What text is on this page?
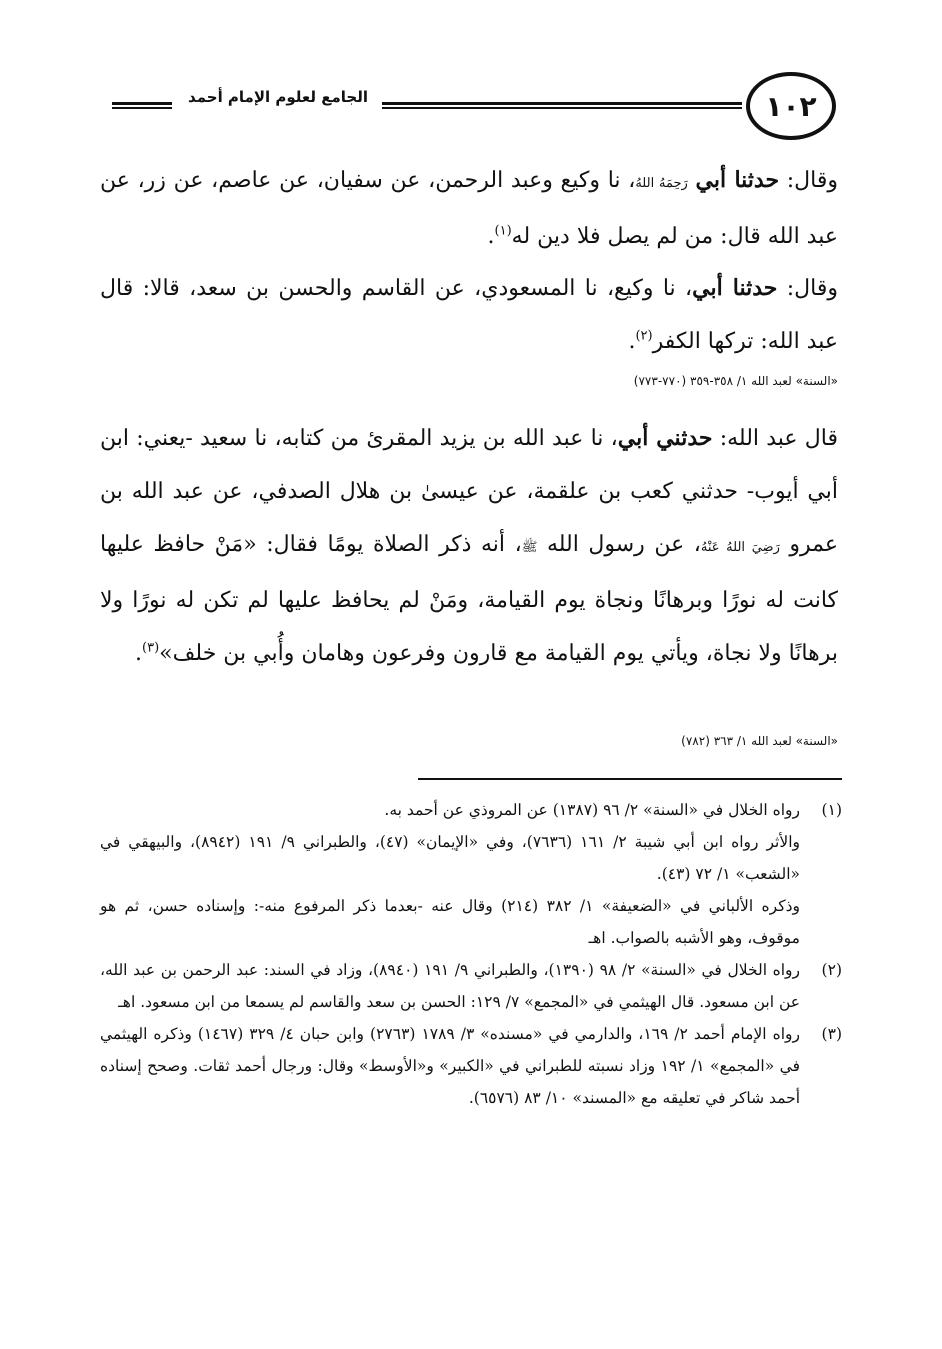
١٠٢
الجامع لعلوم الإمام أحمد
وقال: حدثنا أبي رَحِمَهُ اللهُ، نا وكيع وعبد الرحمن، عن سفيان، عن عاصم، عن زر، عن عبد الله قال: من لم يصل فلا دين له$^{(١)}$.
وقال: حدثنا أبي، نا وكيع، نا المسعودي، عن القاسم والحسن بن سعد، قالا: قال عبد الله: تركها الكفر$^{(٢)}$.
«السنة» لعبد الله ١/ ٣٥٨-٣٥٩ (٧٧٠-٧٧٣)
قال عبد الله: حدثني أبي، نا عبد الله بن يزيد المقرئ من كتابه، نا سعيد -يعني: ابن أبي أيوب- حدثني كعب بن علقمة، عن عيسىٰ بن هلال الصدفي، عن عبد الله بن عمرو رَضِيَ اللهُ عَنْهُ، عن رسول الله ﷺ، أنه ذكر الصلاة يومًا فقال: «مَنْ حافظ عليها كانت له نورًا وبرهانًا ونجاة يوم القيامة، ومَنْ لم يحافظ عليها لم تكن له نورًا ولا برهانًا ولا نجاة، ويأتي يوم القيامة مع قارون وفرعون وهامان وأُبي بن خلف»$^{(٣)}$.
«السنة» لعبد الله ١/ ٣٦٣ (٧٨٢)
(١)
رواه الخلال في «السنة» ٢/ ٩٦ (١٣٨٧) عن المروذي عن أحمد به.
والأثر رواه ابن أبي شيبة ٢/ ١٦١ (٧٦٣٦)، وفي «الإيمان» (٤٧)، والطبراني ٩/ ١٩١ (٨٩٤٢)، والبيهقي في «الشعب» ١/ ٧٢ (٤٣).
وذكره الألباني في «الضعيفة» ١/ ٣٨٢ (٢١٤) وقال عنه -بعدما ذكر المرفوع منه-: وإسناده حسن، ثم هو موقوف، وهو الأشبه بالصواب. اهـ
(٢)
رواه الخلال في «السنة» ٢/ ٩٨ (١٣٩٠)، والطبراني ٩/ ١٩١ (٨٩٤٠)، وزاد في السند: عبد الرحمن بن عبد الله، عن ابن مسعود. قال الهيثمي في «المجمع» ٧/ ١٢٩: الحسن بن سعد والقاسم لم يسمعا من ابن مسعود. اهـ
(٣)
رواه الإمام أحمد ٢/ ١٦٩، والدارمي في «مسنده» ٣/ ١٧٨٩ (٢٧٦٣) وابن حبان ٤/ ٣٢٩ (١٤٦٧) وذكره الهيثمي في «المجمع» ١/ ١٩٢ وزاد نسبته للطبراني في «الكبير» و«الأوسط» وقال: ورجال أحمد ثقات. وصحح إسناده أحمد شاكر في تعليقه مع «المسند» ١٠/ ٨٣ (٦٥٧٦).
